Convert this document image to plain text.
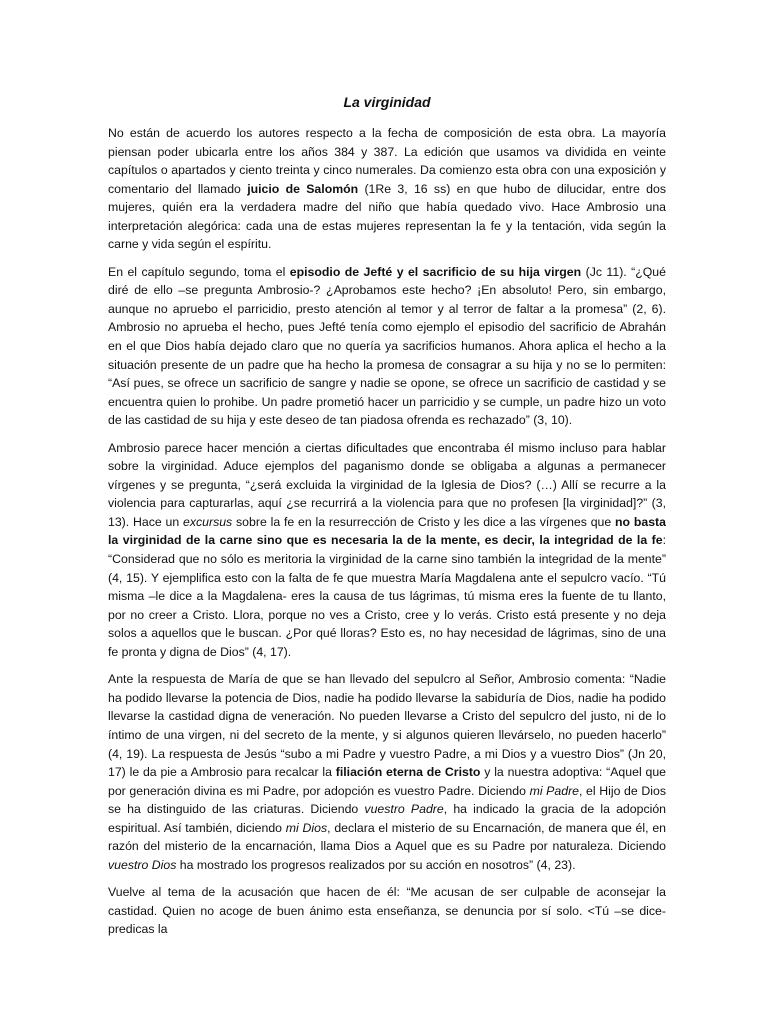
La virginidad

No están de acuerdo los autores respecto a la fecha de composición de esta obra. La mayoría piensan poder ubicarla entre los años 384 y 387. La edición que usamos va dividida en veinte capítulos o apartados y ciento treinta y cinco numerales. Da comienzo esta obra con una exposición y comentario del llamado juicio de Salomón (1Re 3, 16 ss) en que hubo de dilucidar, entre dos mujeres, quién era la verdadera madre del niño que había quedado vivo. Hace Ambrosio una interpretación alegórica: cada una de estas mujeres representan la fe y la tentación, vida según la carne y vida según el espíritu.

En el capítulo segundo, toma el episodio de Jefté y el sacrificio de su hija virgen (Jc 11). “¿Qué diré de ello –se pregunta Ambrosio-? ¿Aprobamos este hecho? ¡En absoluto! Pero, sin embargo, aunque no apruebo el parricidio, presto atención al temor y al terror de faltar a la promesa” (2, 6). Ambrosio no aprueba el hecho, pues Jefté tenía como ejemplo el episodio del sacrificio de Abrahán en el que Dios había dejado claro que no quería ya sacrificios humanos. Ahora aplica el hecho a la situación presente de un padre que ha hecho la promesa de consagrar a su hija y no se lo permiten: “Así pues, se ofrece un sacrificio de sangre y nadie se opone, se ofrece un sacrificio de castidad y se encuentra quien lo prohibe. Un padre prometió hacer un parricidio y se cumple, un padre hizo un voto de las castidad de su hija y este deseo de tan piadosa ofrenda es rechazado” (3, 10).

Ambrosio parece hacer mención a ciertas dificultades que encontraba él mismo incluso para hablar sobre la virginidad. Aduce ejemplos del paganismo donde se obligaba a algunas a permanecer vírgenes y se pregunta, “¿será excluida la virginidad de la Iglesia de Dios? (…) Allí se recurre a la violencia para capturarlas, aquí ¿se recurrirá a la violencia para que no profesen [la virginidad]?” (3, 13). Hace un excursus sobre la fe en la resurrección de Cristo y les dice a las vírgenes que no basta la virginidad de la carne sino que es necesaria la de la mente, es decir, la integridad de la fe: “Considerad que no sólo es meritoria la virginidad de la carne sino también la integridad de la mente” (4, 15). Y ejemplifica esto con la falta de fe que muestra María Magdalena ante el sepulcro vacío. “Tú misma –le dice a la Magdalena- eres la causa de tus lágrimas, tú misma eres la fuente de tu llanto, por no creer a Cristo. Llora, porque no ves a Cristo, cree y lo verás. Cristo está presente y no deja solos a aquellos que le buscan. ¿Por qué lloras? Esto es, no hay necesidad de lágrimas, sino de una fe pronta y digna de Dios” (4, 17).

Ante la respuesta de María de que se han llevado del sepulcro al Señor, Ambrosio comenta: “Nadie ha podido llevarse la potencia de Dios, nadie ha podido llevarse la sabiduría de Dios, nadie ha podido llevarse la castidad digna de veneración. No pueden llevarse a Cristo del sepulcro del justo, ni de lo íntimo de una virgen, ni del secreto de la mente, y si algunos quieren llevárselo, no pueden hacerlo” (4, 19). La respuesta de Jesús “subo a mi Padre y vuestro Padre, a mi Dios y a vuestro Dios” (Jn 20, 17) le da pie a Ambrosio para recalcar la filiación eterna de Cristo y la nuestra adoptiva: “Aquel que por generación divina es mi Padre, por adopción es vuestro Padre. Diciendo mi Padre, el Hijo de Dios se ha distinguido de las criaturas. Diciendo vuestro Padre, ha indicado la gracia de la adopción espiritual. Así también, diciendo mi Dios, declara el misterio de su Encarnación, de manera que él, en razón del misterio de la encarnación, llama Dios a Aquel que es su Padre por naturaleza. Diciendo vuestro Dios ha mostrado los progresos realizados por su acción en nosotros” (4, 23).

Vuelve al tema de la acusación que hacen de él: “Me acusan de ser culpable de aconsejar la castidad. Quien no acoge de buen ánimo esta enseñanza, se denuncia por sí solo. <Tú –se dice- predicas la
